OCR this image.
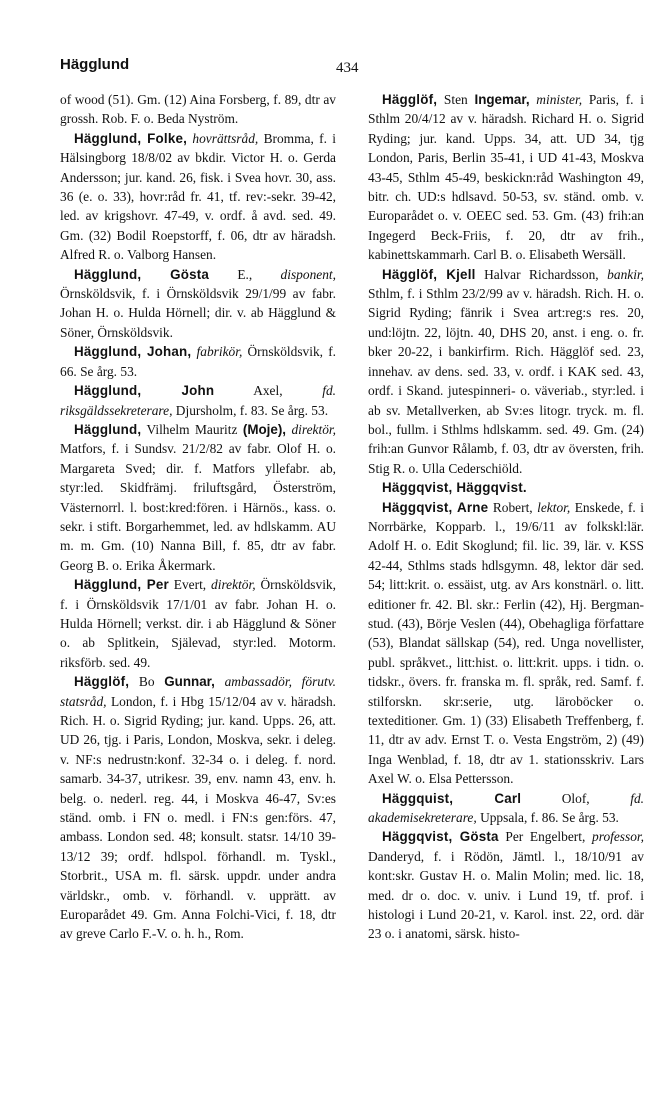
Hägglund	434

of wood (51). Gm. (12) Aina Forsberg, f. 89, dtr av grossh. Rob. F. o. Beda Nyström.

Hägglund, Folke, hovrättsråd, Bromma, f. i Hälsingborg 18/8/02 av bkdir. Victor H. o. Gerda Andersson; jur. kand. 26, fisk. i Svea hovr. 30, ass. 36 (e. o. 33), hovr:råd fr. 41, tf. rev:-sekr. 39-42, led. av krigshovr. 47-49, v. ordf. å avd. sed. 49. Gm. (32) Bodil Roepstorff, f. 06, dtr av häradsh. Alfred R. o. Valborg Hansen.

Hägglund, Gösta E., disponent, Örnsköldsvik, f. i Örnsköldsvik 29/1/99 av fabr. Johan H. o. Hulda Hörnell; dir. v. ab Hägglund & Söner, Örnsköldsvik.

Hägglund, Johan, fabrikör, Örnsköldsvik, f. 66. Se årg. 53.

Hägglund, John	Axel,	fd. riksgäldssekreterare, Djursholm, f. 83. Se årg. 53.

Hägglund, Vilhelm Mauritz (Moje), direktör, Matfors, f. i Sundsv. 21/2/82 av fabr. Olof H. o. Margareta Sved; dir. f. Matfors yllefabr. ab, styr:led. Skidfrämj. friluftsgård, Österström, Västernorrl. l. bost:kred:fören. i Härnös., kass. o. sekr. i stift. Borgarhemmet, led. av hdlskamm. AU m. m. Gm. (10) Nanna Bill, f. 85, dtr av fabr. Georg B. o. Erika Åkermark.

Hägglund, Per Evert, direktör, Örnsköldsvik, f. i Örnsköldsvik 17/1/01 av fabr. Johan H. o. Hulda Hörnell; verkst. dir. i ab Hägglund & Söner o. ab Splitkein, Själevad, styr:led. Motorm. riksförb. sed. 49.

Hägglöf, Bo Gunnar, ambassadör, förutv. statsråd, London, f. i Hbg 15/12/04 av v. häradsh. Rich. H. o. Sigrid Ryding; jur. kand. Upps. 26, att. UD 26, tjg. i Paris, London, Moskva, sekr. i deleg. v. NF:s nedrustn:konf. 32-34 o. i deleg. f. nord. samarb. 34-37, utrikesr. 39, env. namn 43, env. h. belg. o. nederl. reg. 44, i Moskva 46-47, Sv:es ständ. omb. i FN o. medl. i FN:s gen:förs. 47, ambass. London sed. 48; konsult. statsr. 14/10 39-13/12 39; ordf. hdlspol. förhandl. m. Tyskl., Storbrit., USA m. fl. särsk. uppdr. under andra världskr., omb. v. förhandl. v. upprätt. av Europarådet 49. Gm. Anna Folchi-Vici, f. 18, dtr av greve Carlo F.-V. o. h. h., Rom.

Hägglöf, Sten Ingemar, minister, Paris, f. i Sthlm 20/4/12 av v. häradsh. Richard H. o. Sigrid Ryding; jur. kand. Upps. 34, att. UD 34, tjg London, Paris, Berlin 35-41, i UD 41-43, Moskva 43-45, Sthlm 45-49, beskickn:råd Washington 49, bitr. ch. UD:s hdlsavd. 50-53, sv. ständ. omb. v. Europarådet o. v. OEEC sed. 53. Gm. (43) frih:an Ingegerd Beck-Friis, f. 20, dtr av frih., kabinettskammarh. Carl B. o. Elisabeth Wersäll.

Hägglöf, Kjell Halvar Richardsson, bankir, Sthlm, f. i Sthlm 23/2/99 av v. häradsh. Rich. H. o. Sigrid Ryding; fänrik i Svea art:reg:s res. 20, und:löjtn. 22, löjtn. 40, DHS 20, anst. i eng. o. fr. bker 20-22, i bankirfirm. Rich. Hägglöf sed. 23, innehav. av dens. sed. 33, v. ordf. i KAK sed. 43, ordf. i Skand. jutespinneri- o. väveriab., styr:led. i ab sv. Metallverken, ab Sv:es litogr. tryck. m. fl. bol., fullm. i Sthlms hdlskamm. sed. 49. Gm. (24) frih:an Gunvor Rålamb, f. 03, dtr av översten, frih. Stig R. o. Ulla Cederschiöld.

Häggqvist, Häggqvist.

Häggqvist, Arne Robert, lektor, Enskede, f. i Norrbärke, Kopparb. l., 19/6/11 av folkskl:lär. Adolf H. o. Edit Skoglund; fil. lic. 39, lär. v. KSS 42-44, Sthlms stads hdlsgymn. 48, lektor där sed. 54; litt:krit. o. essäist, utg. av Ars konstnärl. o. litt. editioner fr. 42. Bl. skr.: Ferlin (42), Hj. Bergman-stud. (43), Börje Veslen (44), Obehagliga författare (53), Blandat sällskap (54), red. Unga novellister, publ. språkvet., litt:hist. o. litt:krit. upps. i tidn. o. tidskr., övers. fr. franska m. fl. språk, red. Samf. f. stilforskn. skr:serie, utg. läroböcker o. texteditioner. Gm. 1) (33) Elisabeth Treffenberg, f. 11, dtr av adv. Ernst T. o. Vesta Engström, 2) (49) Inga Wenblad, f. 18, dtr av 1. stationsskriv. Lars Axel W. o. Elsa Pettersson.

Häggquist, Carl	Olof,	fd. akademisekreterare, Uppsala, f. 86. Se årg. 53.

Häggqvist, Gösta Per Engelbert, professor, Danderyd, f. i Rödön, Jämtl. l., 18/10/91 av kont:skr. Gustav H. o. Malin Molin; med. lic. 18, med. dr o. doc. v. univ. i Lund 19, tf. prof. i histologi i Lund 20-21, v. Karol. inst. 22, ord. där 23 o. i anatomi, särsk. histo-
